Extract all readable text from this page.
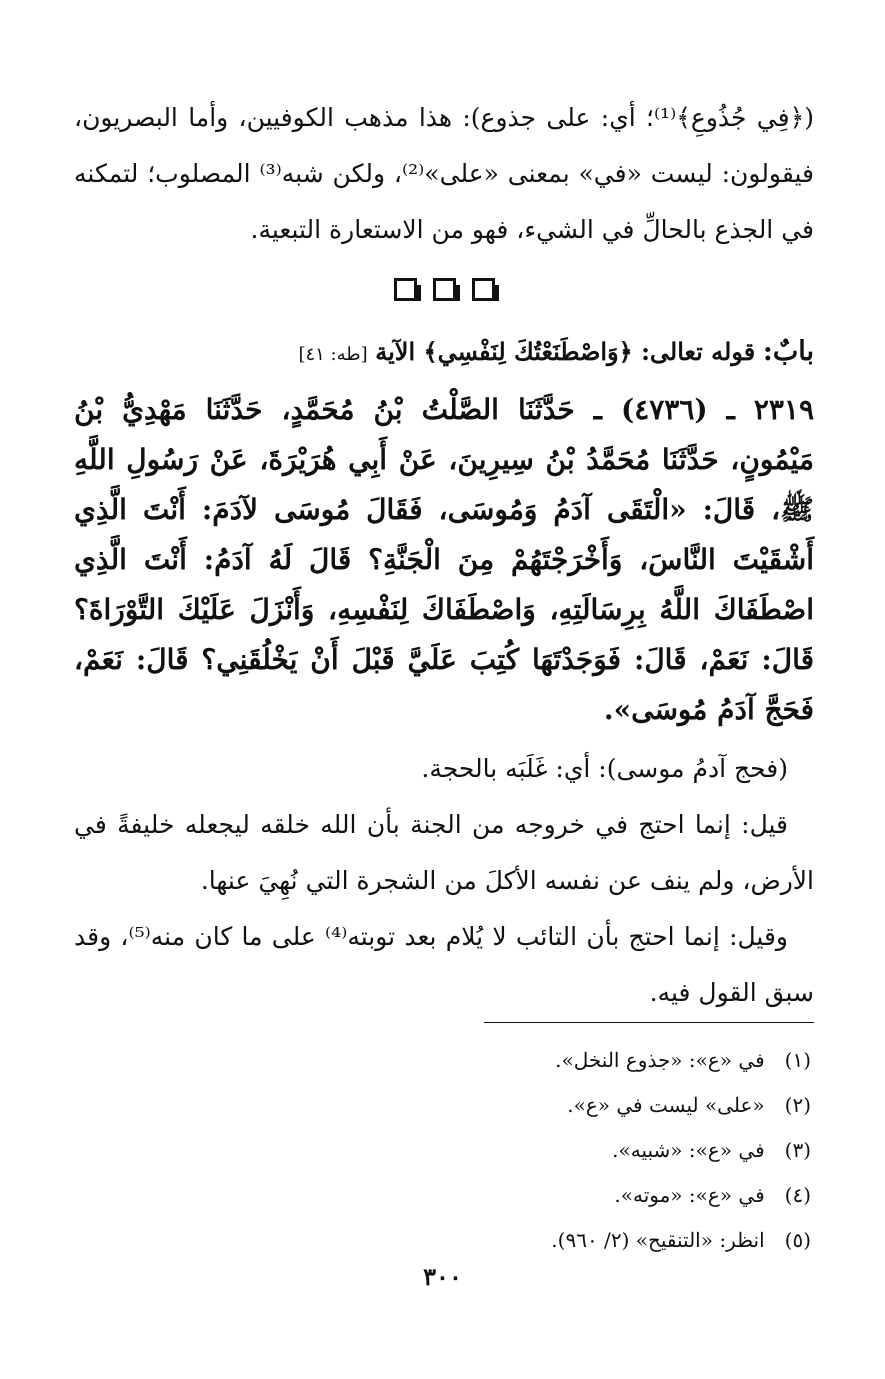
(﴿فِي جُذُوعِ﴾⁽¹⁾؛ أي: على جذوع): هذا مذهب الكوفيين، وأما البصريون، فيقولون: ليست «في» بمعنى «على»⁽²⁾، ولكن شبه⁽³⁾ المصلوب؛ لتمكنه في الجذع بالحالِّ في الشيء، فهو من الاستعارة التبعية.

بابٌ: قوله تعالى: ﴿وَاصْطَنَعْتُكَ لِنَفْسِي﴾ الآية [طه: ٤١]

٢٣١٩ ـ (٤٧٣٦) ـ حَدَّثَنَا الصَّلْتُ بْنُ مُحَمَّدٍ، حَدَّثَنَا مَهْدِيُّ بْنُ مَيْمُونٍ، حَدَّثَنَا مُحَمَّدُ بْنُ سِيرِينَ، عَنْ أَبِي هُرَيْرَةَ، عَنْ رَسُولِ اللَّهِ ﷺ، قَالَ: «الْتَقَى آدَمُ وَمُوسَى، فَقَالَ مُوسَى لآدَمَ: أَنْتَ الَّذِي أَشْقَيْتَ النَّاسَ، وَأَخْرَجْتَهُمْ مِنَ الْجَنَّةِ؟ قَالَ لَهُ آدَمُ: أَنْتَ الَّذِي اصْطَفَاكَ اللَّهُ بِرِسَالَتِهِ، وَاصْطَفَاكَ لِنَفْسِهِ، وَأَنْزَلَ عَلَيْكَ التَّوْرَاةَ؟ قَالَ: نَعَمْ، قَالَ: فَوَجَدْتَهَا كُتِبَ عَلَيَّ قَبْلَ أَنْ يَخْلُقَنِي؟ قَالَ: نَعَمْ، فَحَجَّ آدَمُ مُوسَى».

(فحج آدمُ موسى): أي: غَلَبَه بالحجة.

قيل: إنما احتج في خروجه من الجنة بأن الله خلقه ليجعله خليفةً في الأرض، ولم ينف عن نفسه الأكلَ من الشجرة التي نُهِيَ عنها.

وقيل: إنما احتج بأن التائب لا يُلام بعد توبته⁽⁴⁾ على ما كان منه⁽⁵⁾، وقد سبق القول فيه.

(١) في «ع»: «جذوع النخل».
(٢) «على» ليست في «ع».
(٣) في «ع»: «شبيه».
(٤) في «ع»: «موته».
(٥) انظر: «التنقيح» (٢/ ٩٦٠).
٣٠٠
